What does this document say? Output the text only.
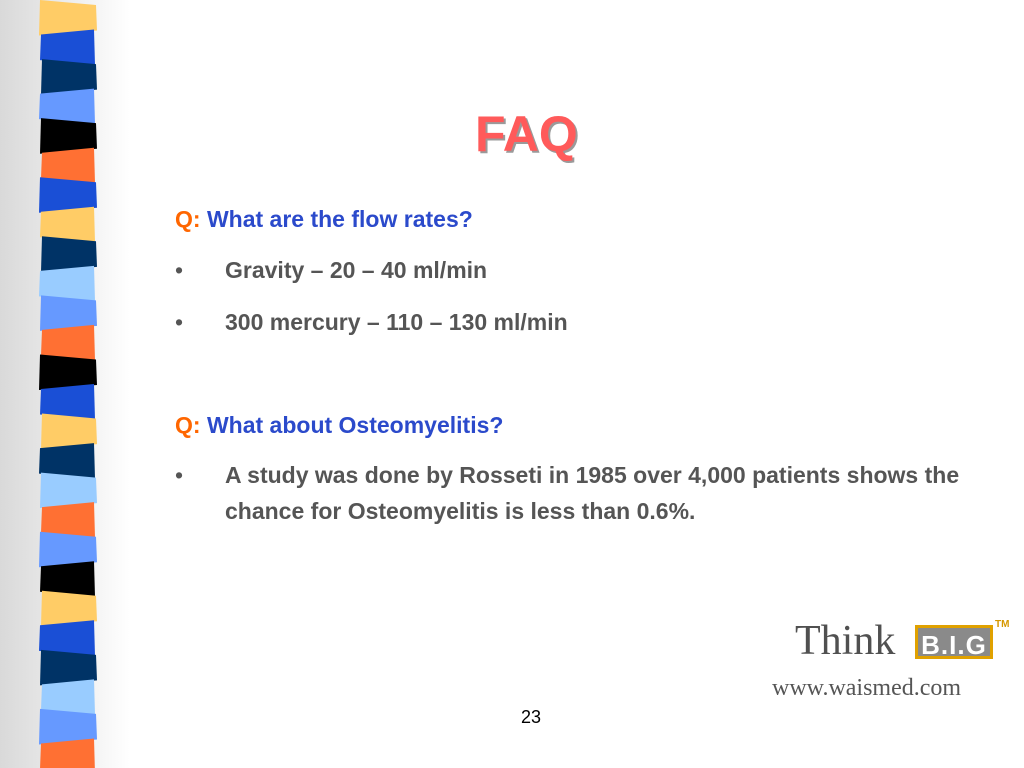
FAQ
Q: What are the flow rates?
•	Gravity – 20 – 40 ml/min
•	300 mercury – 110 – 130 ml/min
Q: What about Osteomyelitis?
•	A study was done by Rosseti in 1985 over 4,000 patients shows the chance for Osteomyelitis is less than 0.6%.
Think B.I.G
TM
www.waismed.com
23
